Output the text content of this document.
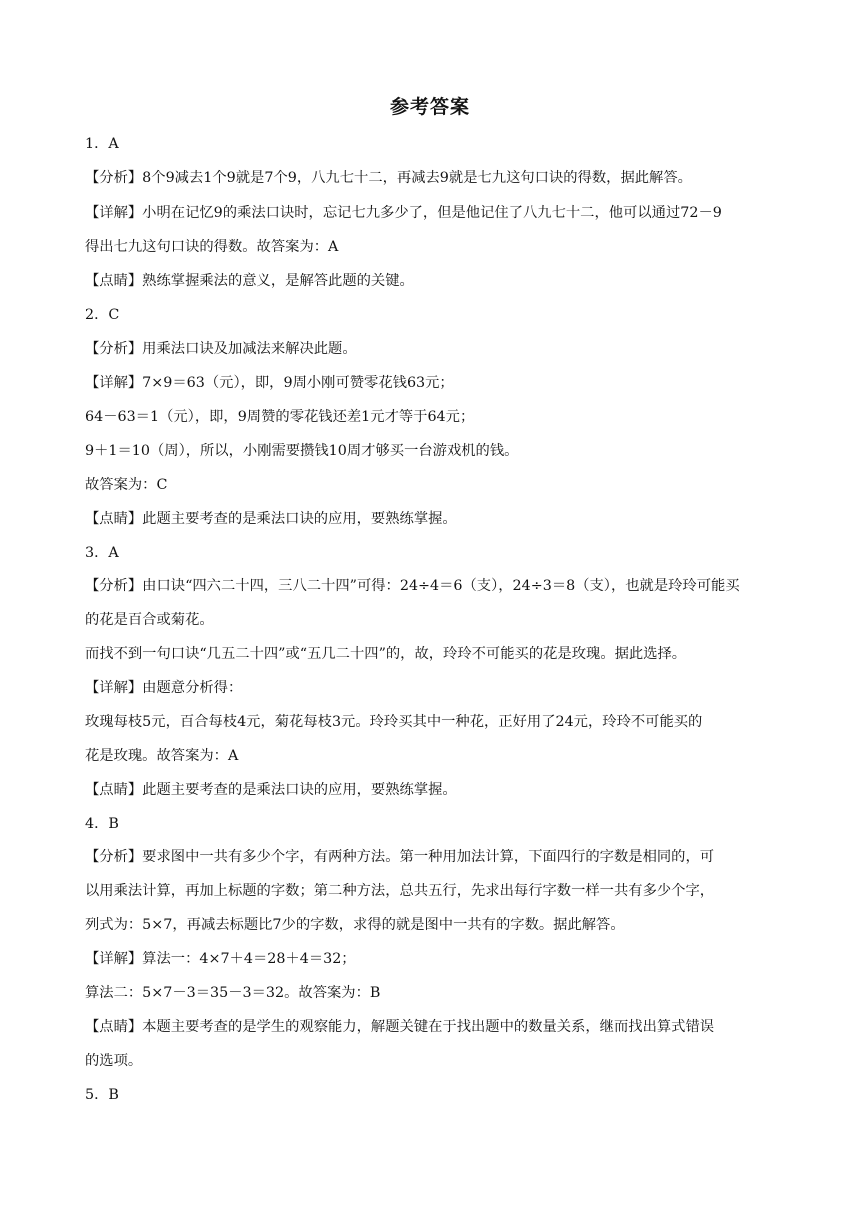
参考答案
1．A
【分析】8个9减去1个9就是7个9，八九七十二，再减去9就是七九这句口诀的得数，据此解答。
【详解】小明在记忆9的乘法口诀时，忘记七九多少了，但是他记住了八九七十二，他可以通过72－9
得出七九这句口诀的得数。故答案为：A
【点睛】熟练掌握乘法的意义，是解答此题的关键。
2．C
【分析】用乘法口诀及加减法来解决此题。
【详解】7×9＝63（元），即，9周小刚可赞零花钱63元；
64－63＝1（元），即，9周赞的零花钱还差1元才等于64元；
9＋1＝10（周），所以，小刚需要攒钱10周才够买一台游戏机的钱。
故答案为：C
【点睛】此题主要考查的是乘法口诀的应用，要熟练掌握。
3．A
【分析】由口诀“四六二十四，三八二十四”可得：24÷4＝6（支），24÷3＝8（支），也就是玲玲可能买
的花是百合或菊花。
而找不到一句口诀“几五二十四”或“五几二十四”的，故，玲玲不可能买的花是玫瑰。据此选择。
【详解】由题意分析得：
玫瑰每枝5元，百合每枝4元，菊花每枝3元。玲玲买其中一种花，正好用了24元，玲玲不可能买的
花是玫瑰。故答案为：A
【点睛】此题主要考查的是乘法口诀的应用，要熟练掌握。
4．B
【分析】要求图中一共有多少个字，有两种方法。第一种用加法计算，下面四行的字数是相同的，可
以用乘法计算，再加上标题的字数；第二种方法，总共五行，先求出每行字数一样一共有多少个字，
列式为：5×7，再减去标题比7少的字数，求得的就是图中一共有的字数。据此解答。
【详解】算法一：4×7＋4＝28＋4＝32；
算法二：5×7－3＝35－3＝32。故答案为：B
【点睛】本题主要考查的是学生的观察能力，解题关键在于找出题中的数量关系，继而找出算式错误
的选项。
5．B
